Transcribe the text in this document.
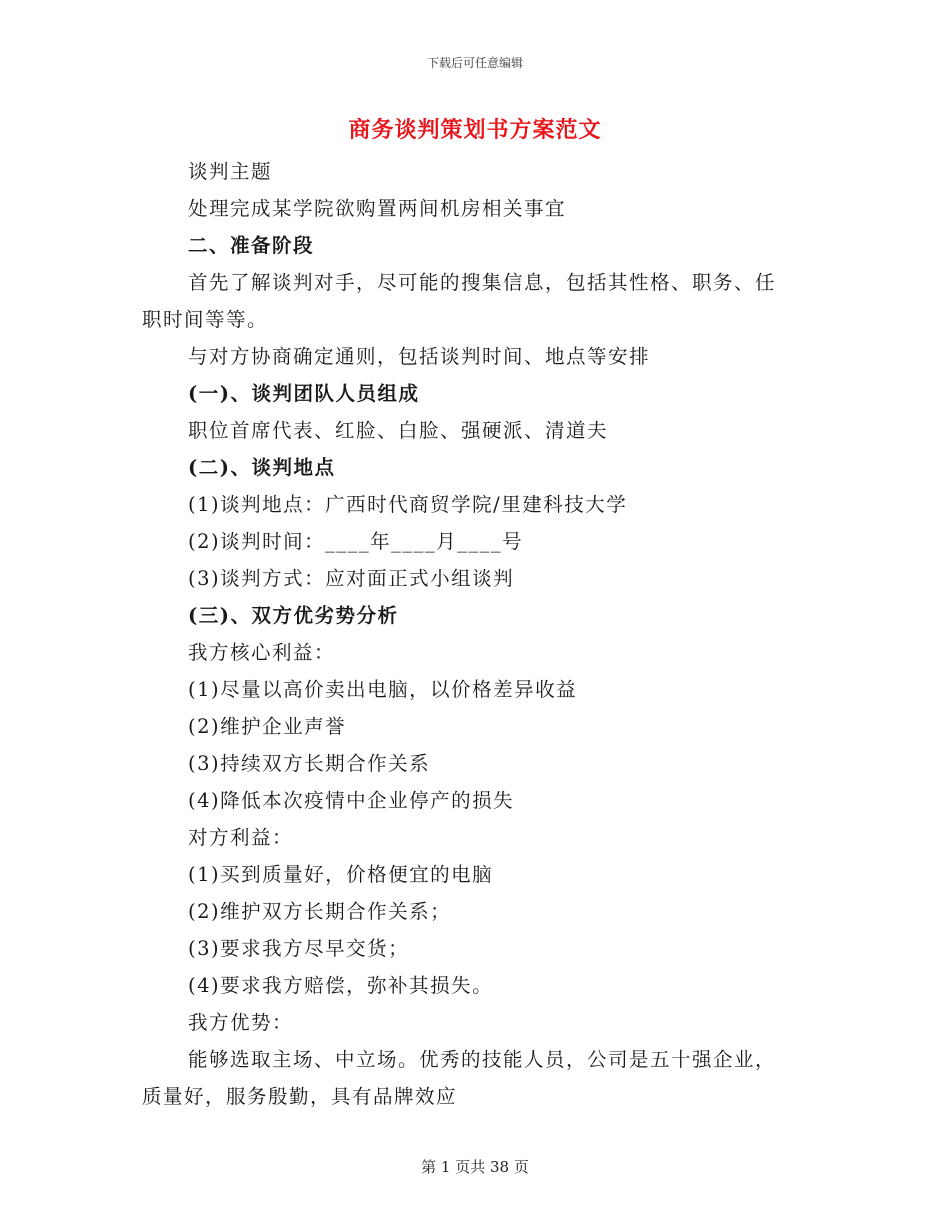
下载后可任意编辑
商务谈判策划书方案范文
谈判主题
处理完成某学院欲购置两间机房相关事宜
二、准备阶段
首先了解谈判对手，尽可能的搜集信息，包括其性格、职务、任
职时间等等。
与对方协商确定通则，包括谈判时间、地点等安排
(一)、谈判团队人员组成
职位首席代表、红脸、白脸、强硬派、清道夫
(二)、谈判地点
(1)谈判地点：广西时代商贸学院/里建科技大学
(2)谈判时间：____年____月____号
(3)谈判方式：应对面正式小组谈判
(三)、双方优劣势分析
我方核心利益：
(1)尽量以高价卖出电脑，以价格差异收益
(2)维护企业声誉
(3)持续双方长期合作关系
(4)降低本次疫情中企业停产的损失
对方利益：
(1)买到质量好，价格便宜的电脑
(2)维护双方长期合作关系；
(3)要求我方尽早交货；
(4)要求我方赔偿，弥补其损失。
我方优势：
能够选取主场、中立场。优秀的技能人员，公司是五十强企业，
质量好，服务殷勤，具有品牌效应
第 1 页共 38 页
